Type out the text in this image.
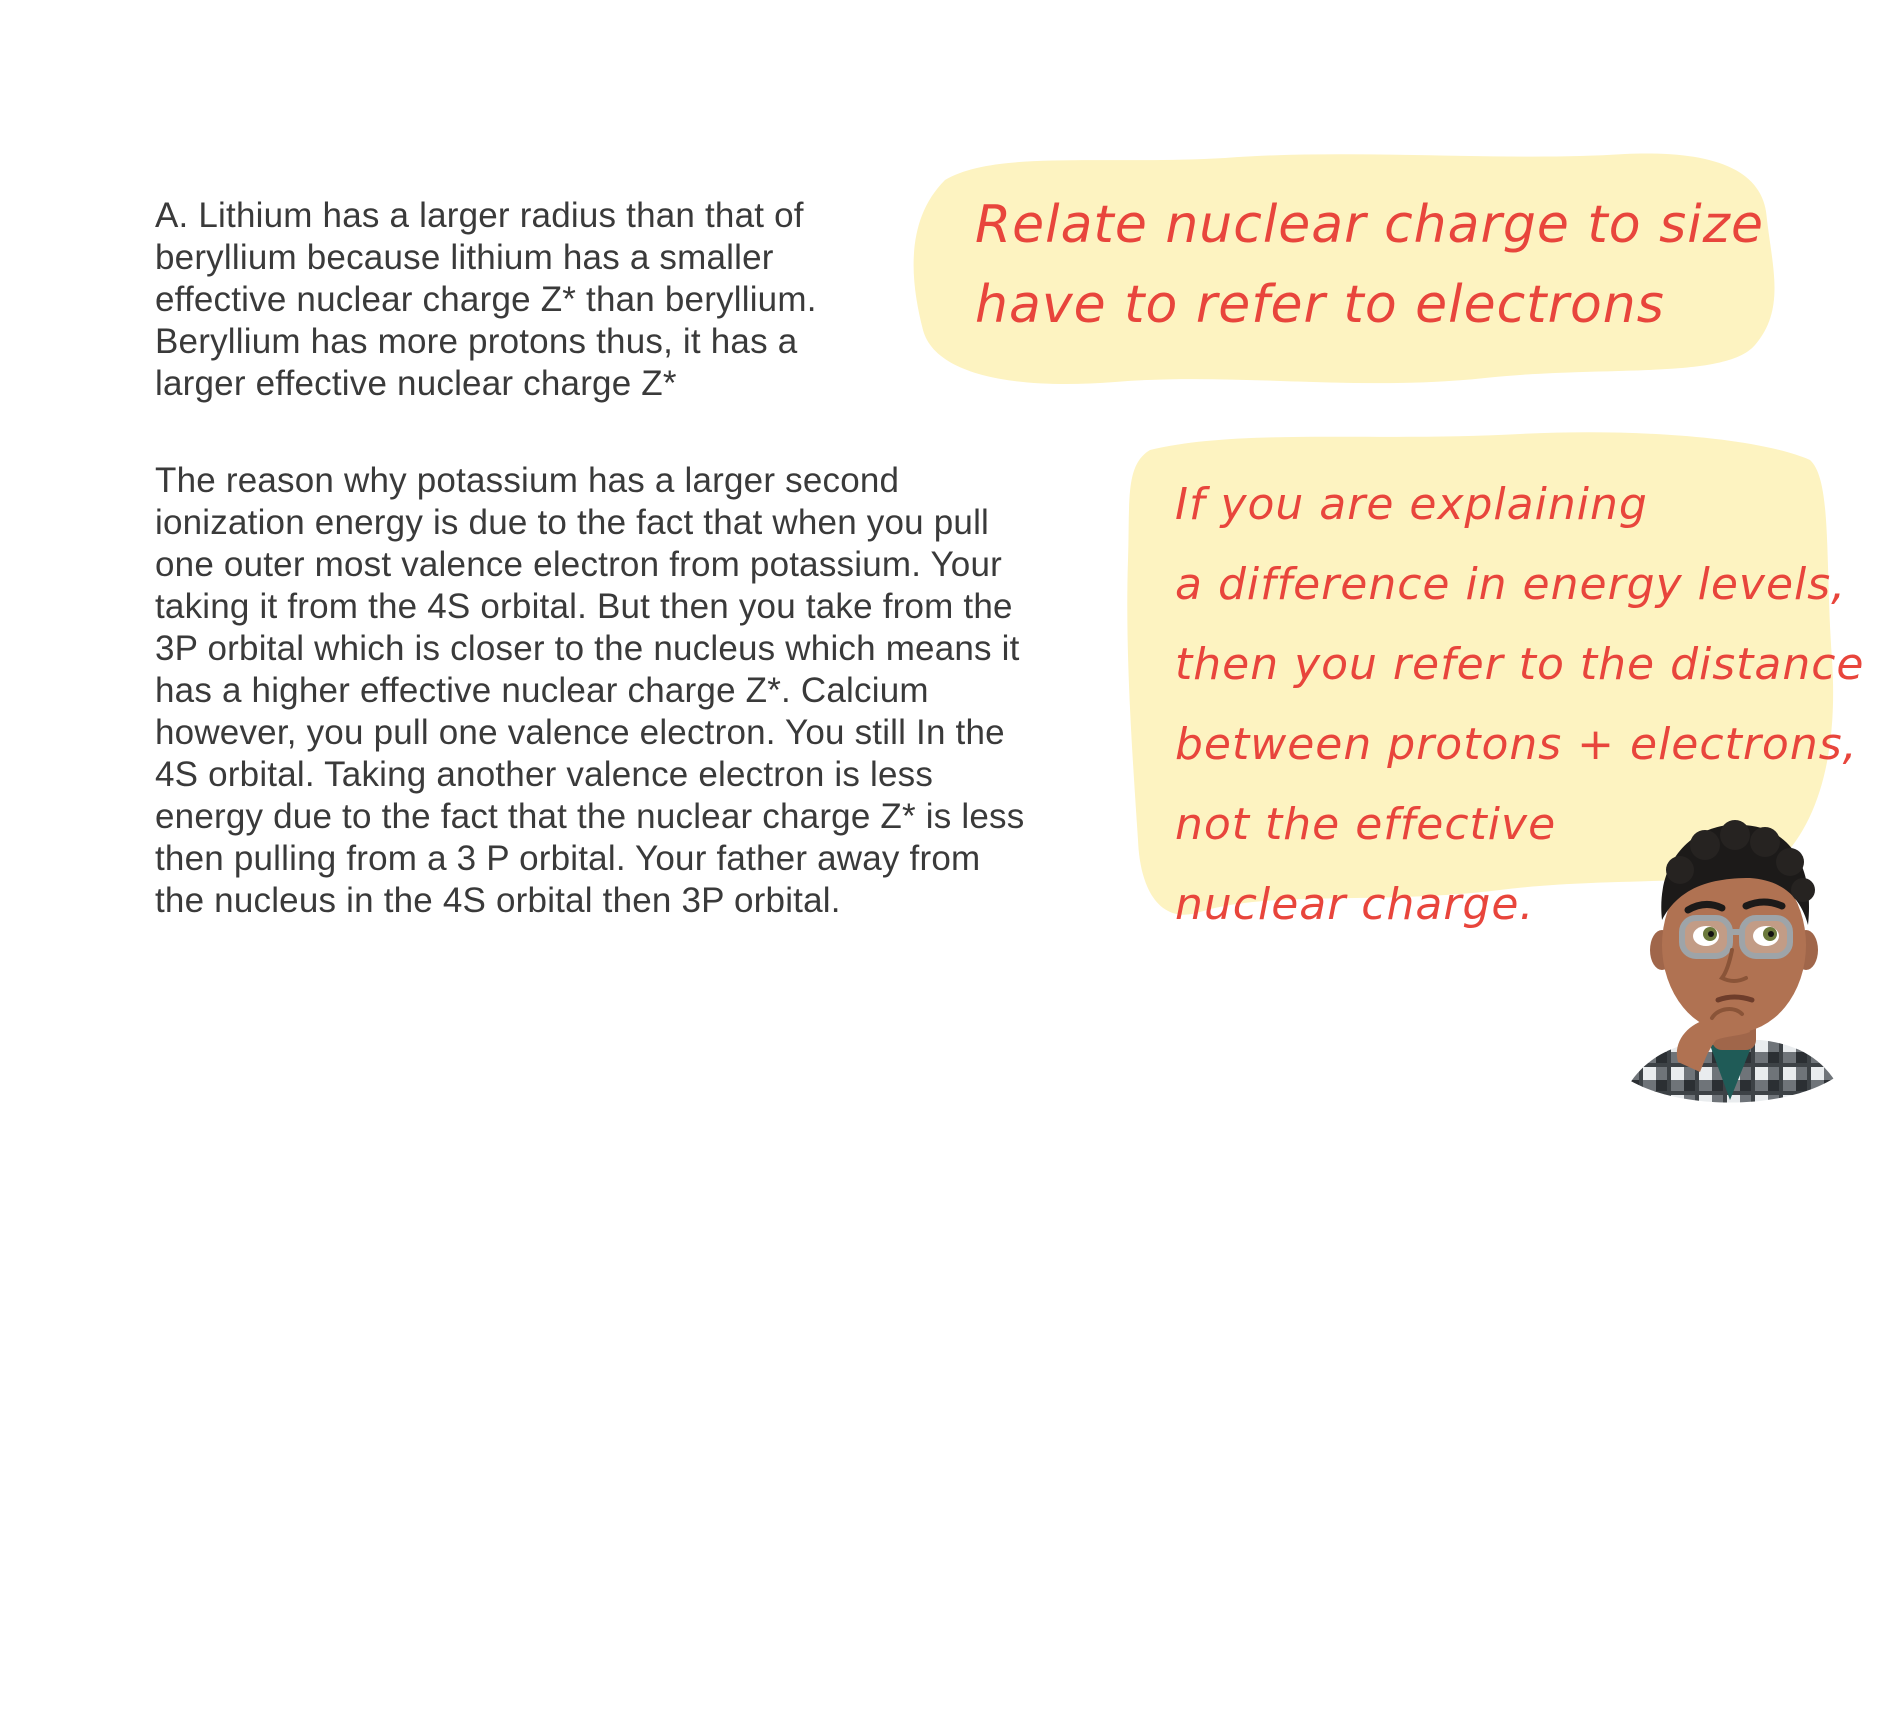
A. Lithium has a larger radius than that of
beryllium because lithium has a smaller
effective nuclear charge Z* than beryllium.
Beryllium has more protons thus, it has a
larger effective nuclear charge Z*

The reason why potassium has a larger second
ionization energy is due to the fact that when you pull
one outer most valence electron from potassium. Your
taking it from the 4S orbital. But then you take from the
3P orbital which is closer to the nucleus which means it
has a higher effective nuclear charge Z*. Calcium
however, you pull one valence electron. You still In the
4S orbital. Taking another valence electron is less
energy due to the fact that the nuclear charge Z* is less
then pulling from a 3 P orbital. Your father away from
the nucleus in the 4S orbital then 3P orbital.

Relate nuclear charge to size
have to refer to electrons
If you are explaining
a difference in energy levels,
then you refer to the distance
between protons + electrons,
not the effective
nuclear charge.
